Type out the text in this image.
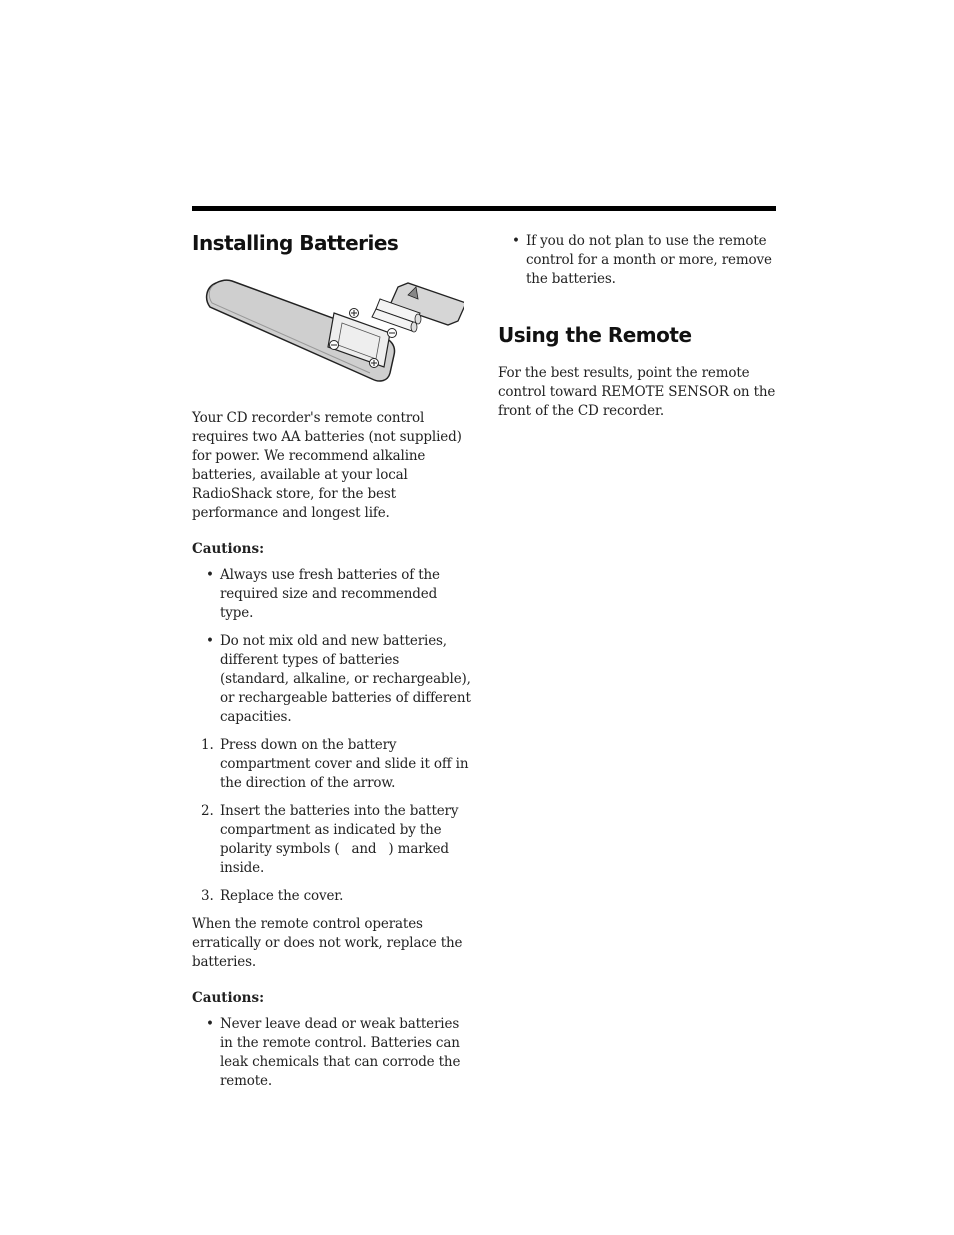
Installing Batteries

Your CD recorder's remote control requires two AA batteries (not supplied) for power. We recommend alkaline batteries, available at your local RadioShack store, for the best performance and longest life.

Cautions:
• Always use fresh batteries of the required size and recommended type.
• Do not mix old and new batteries, different types of batteries (standard, alkaline, or rechargeable), or rechargeable batteries of different capacities.
1. Press down on the battery compartment cover and slide it off in the direction of the arrow.
2. Insert the batteries into the battery compartment as indicated by the polarity symbols ( and ) marked inside.
3. Replace the cover.

When the remote control operates erratically or does not work, replace the batteries.

Cautions:
• Never leave dead or weak batteries in the remote control. Batteries can leak chemicals that can corrode the remote.
• If you do not plan to use the remote control for a month or more, remove the batteries.
Using the Remote

For the best results, point the remote control toward REMOTE SENSOR on the front of the CD recorder.
